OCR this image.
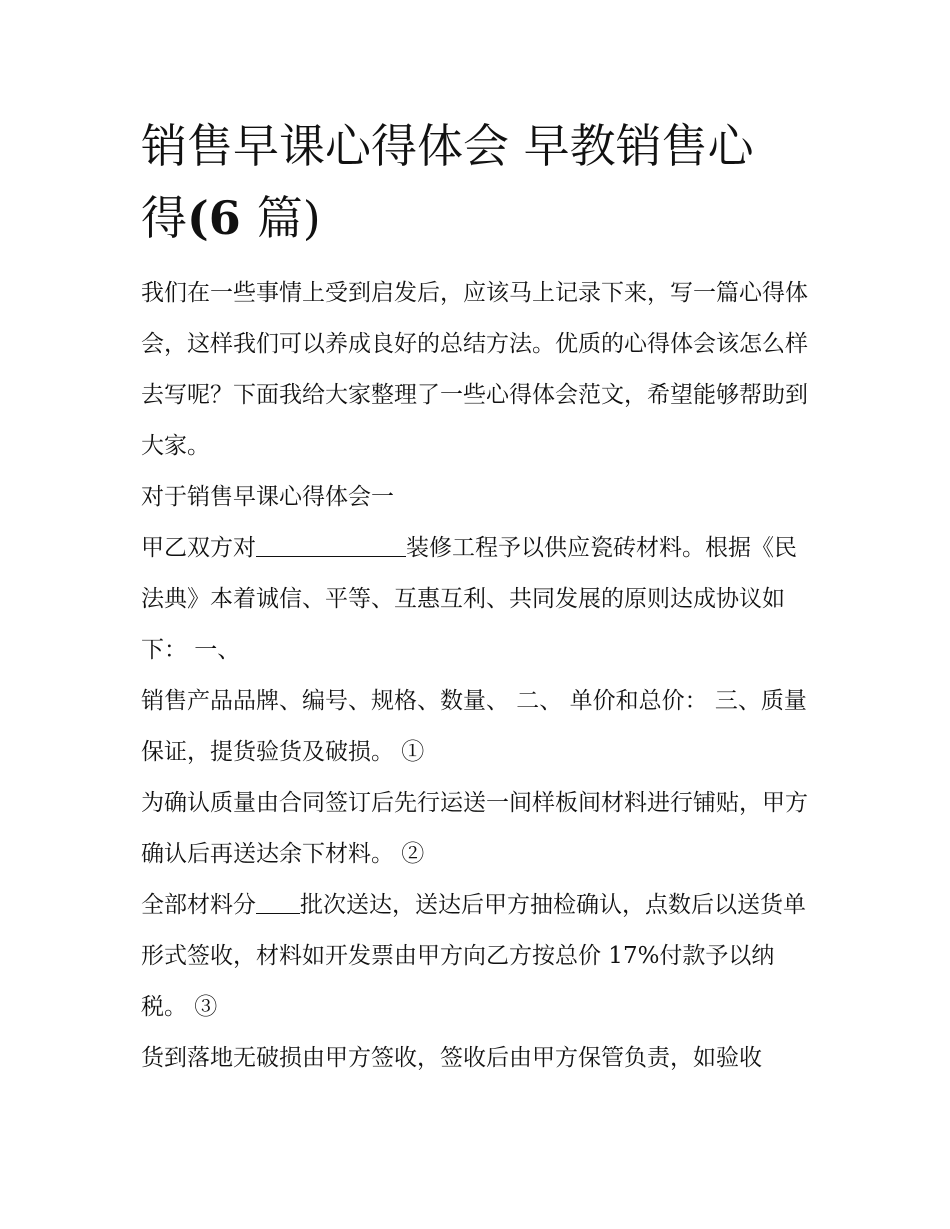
销售早课心得体会 早教销售心
得(6 篇)

我们在一些事情上受到启发后，应该马上记录下来，写一篇心得体会，这样我们可以养成良好的总结方法。优质的心得体会该怎么样去写呢？下面我给大家整理了一些心得体会范文，希望能够帮助到大家。

对于销售早课心得体会一

甲乙双方对	装修工程予以供应瓷砖材料。根据《民法典》本着诚信、平等、互惠互利、共同发展的原则达成协议如下： 一、

销售产品品牌、编号、规格、数量、 二、 单价和总价： 三、质量保证，提货验货及破损。 ①

为确认质量由合同签订后先行运送一间样板间材料进行铺贴，甲方确认后再送达余下材料。 ②

全部材料分 批次送达，送达后甲方抽检确认，点数后以送货单形式签收，材料如开发票由甲方向乙方按总价 17%付款予以纳税。 ③

货到落地无破损由甲方签收，签收后由甲方保管负责，如验收
